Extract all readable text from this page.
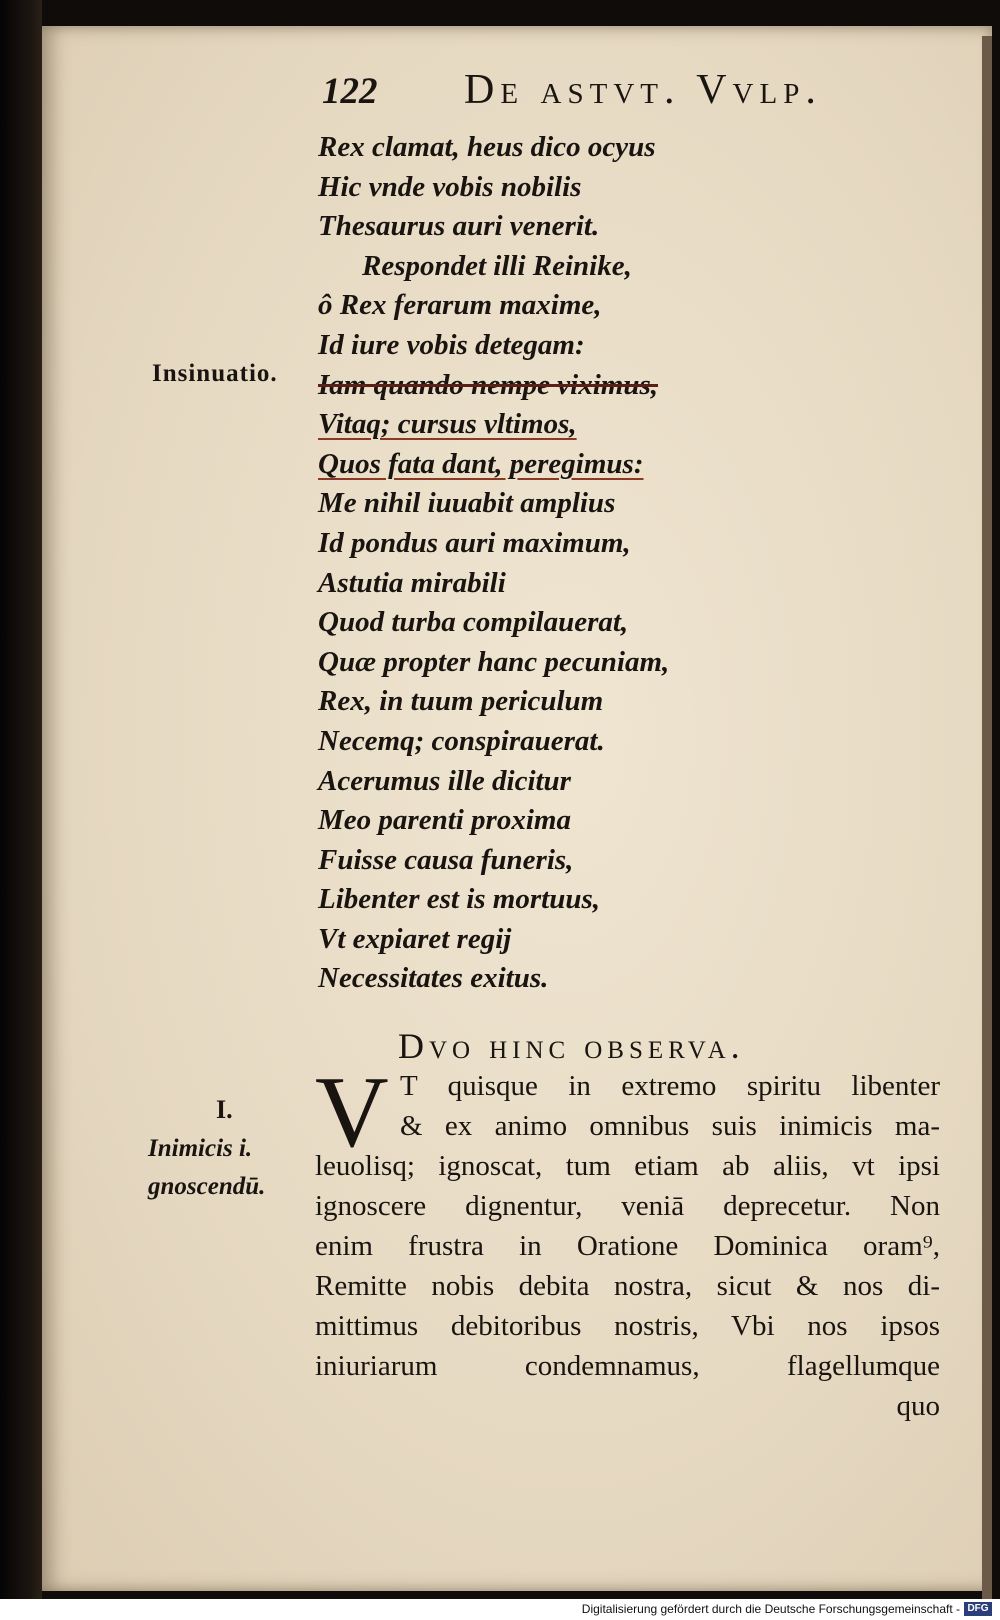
122 De astvt. Vvlp.
Insinuatio.
Rex clamat, heus dico ocyus
Hic vnde vobis nobilis
Thesaurus auri venerit.
Respondet illi Reinike,
ô Rex ferarum maxime,
Id iure vobis detegam:
Iam quando nempe viximus,
Vitaq; cursus vltimos,
Quos fata dant, peregimus:
Me nihil iuuabit amplius
Id pondus auri maximum,
Astutia mirabili
Quod turba compilauerat,
Quæ propter hanc pecuniam,
Rex, in tuum periculum
Necemq; conspirauerat.
Acerumus ille dicitur
Meo parenti proxima
Fuisse causa funeris,
Libenter est is mortuus,
Vt expiaret regij
Necessitates exitus.
Dvo hinc observa.
I.
Inimicis i.
gnoscendū.
V T quisque in extremo spiritu libenter
& ex animo omnibus suis inimicis ma-
leuolisq; ignoscat, tum etiam ab aliis, vt ipsi
ignoscere dignentur, veniā deprecetur. Non
enim frustra in Oratione Dominica oram⁹,
Remitte nobis debita nostra, sicut & nos di-
mittimus debitoribus nostris, Vbi nos ipsos
iniuriarum condemnamus, flagellumque
quo
Digitalisierung gefördert durch die Deutsche Forschungsgemeinschaft - DFG
